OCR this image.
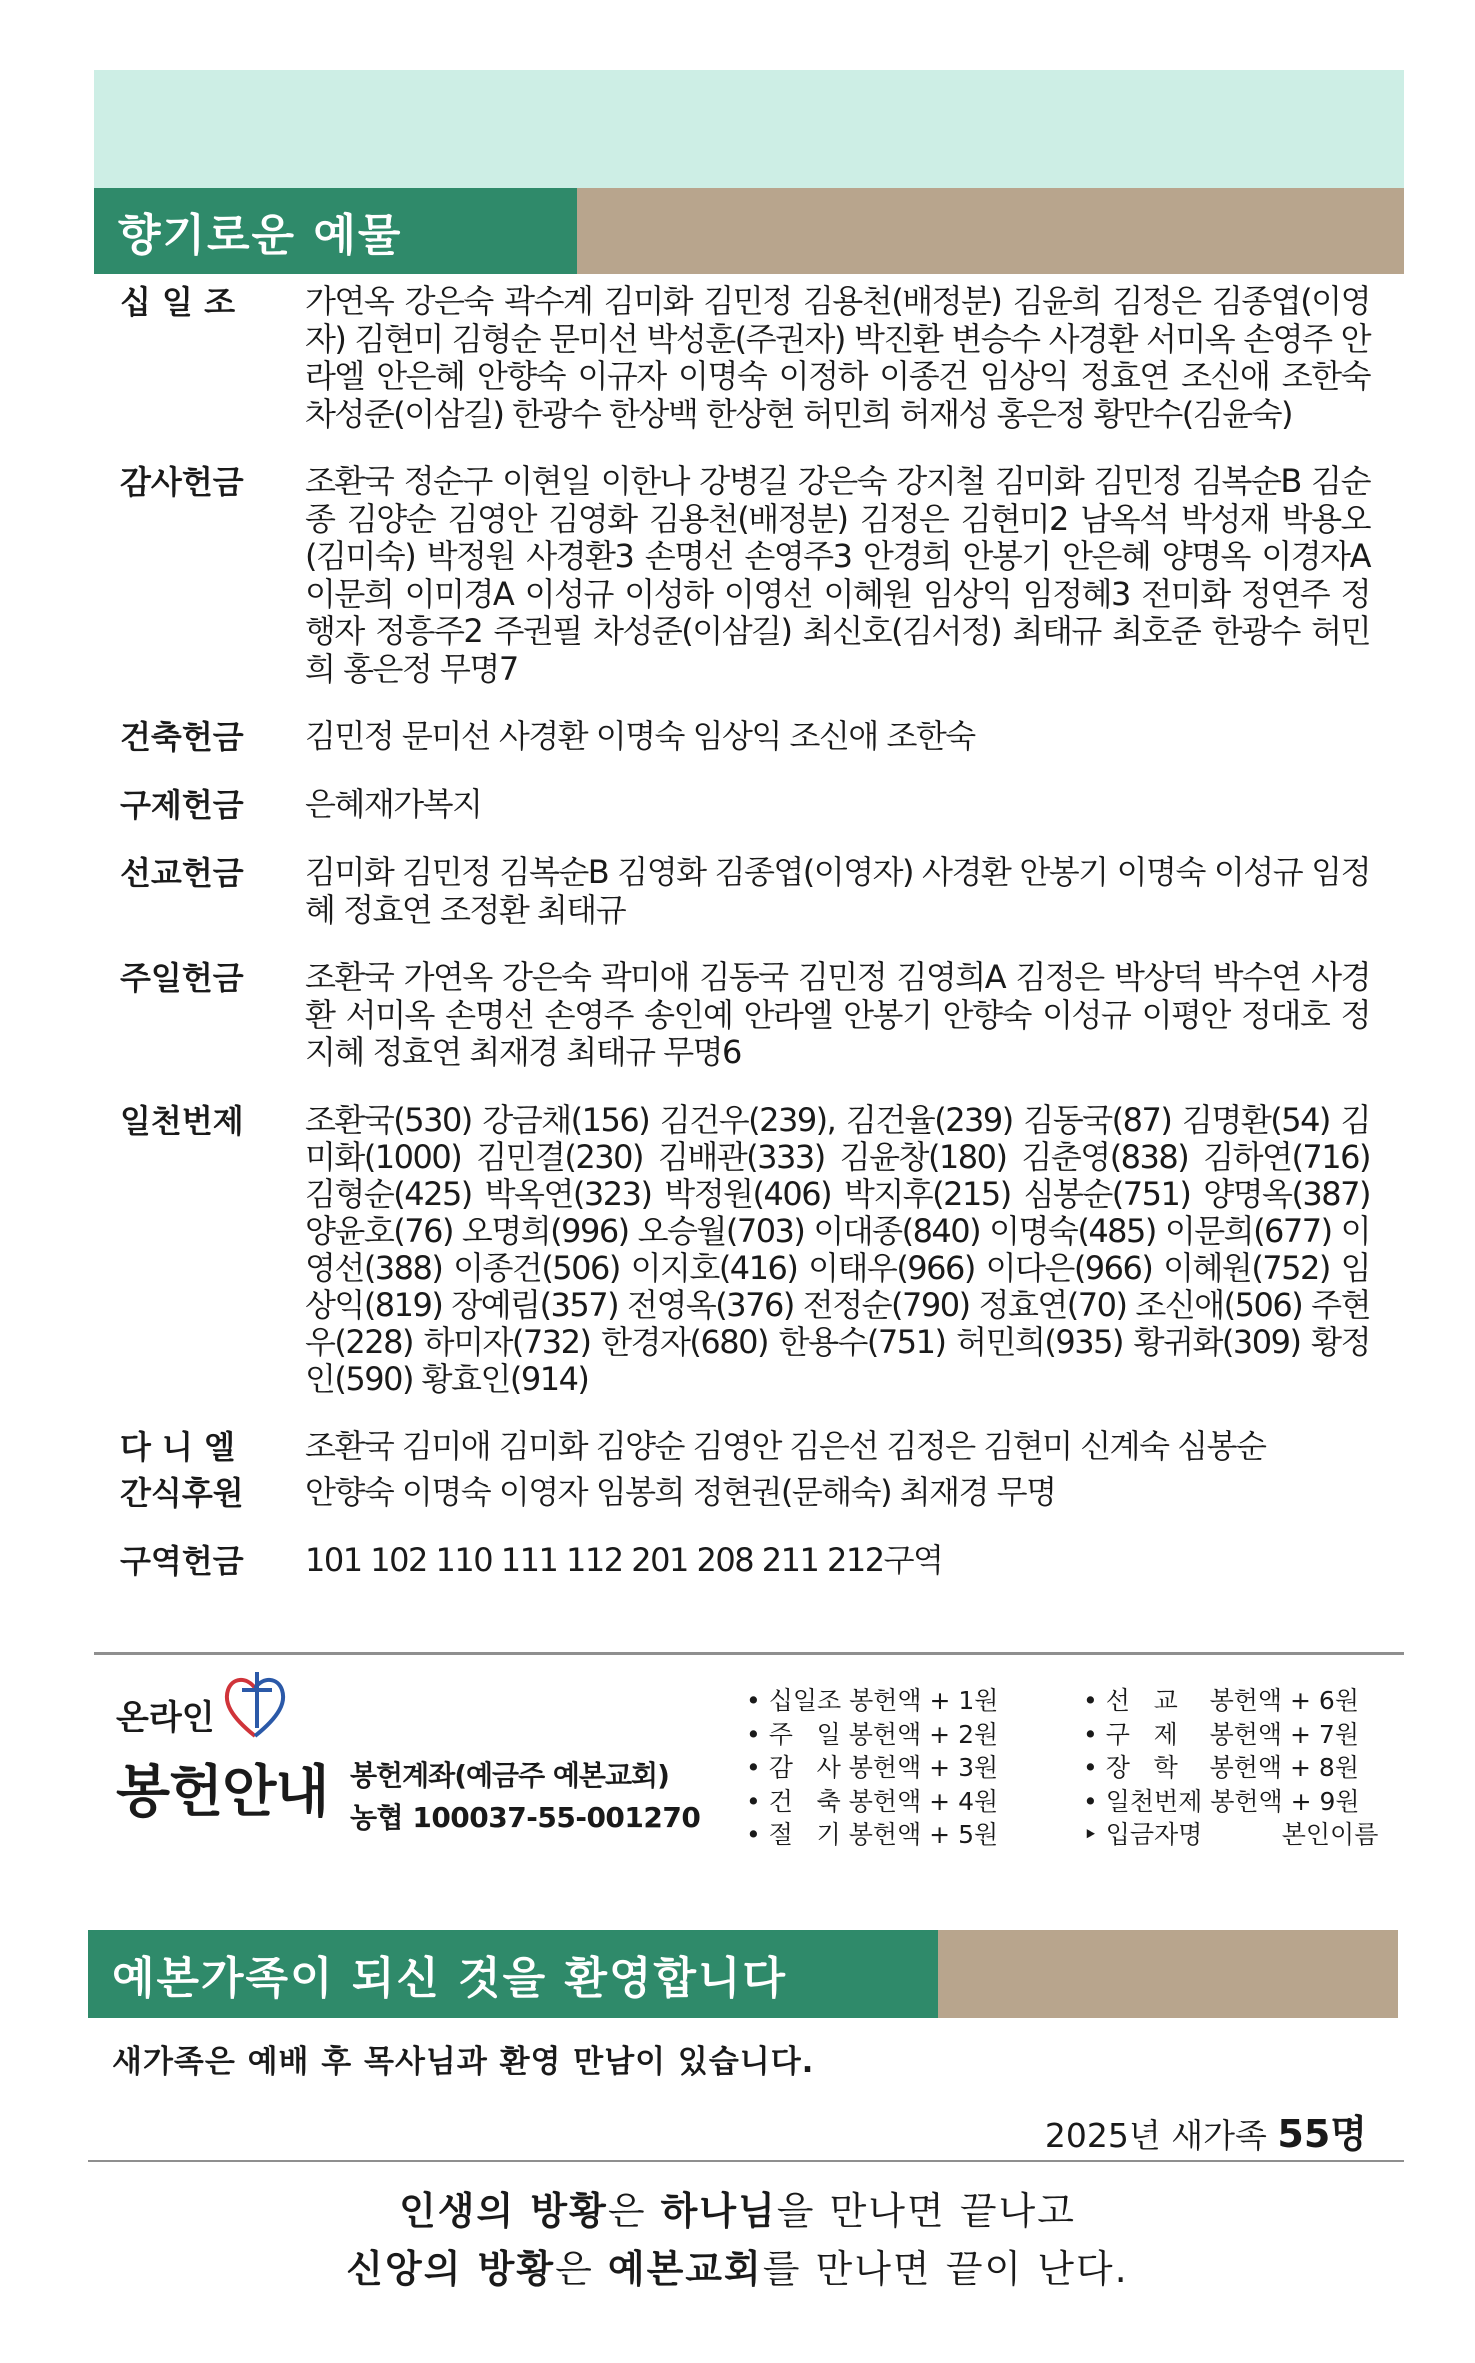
향기로운 예물
십 일 조	가연옥 강은숙 곽수계 김미화 김민정 김용천(배정분) 김윤희 김정은 김종엽(이영자) 김현미 김형순 문미선 박성훈(주권자) 박진환 변승수 사경환 서미옥 손영주 안라엘 안은혜 안향숙 이규자 이명숙 이정하 이종건 임상익 정효연 조신애 조한숙 차성준(이삼길) 한광수 한상백 한상현 허민희 허재성 홍은정 황만수(김윤숙)
감사헌금	조환국 정순구 이현일 이한나 강병길 강은숙 강지철 김미화 김민정 김복순B 김순종 김양순 김영안 김영화 김용천(배정분) 김정은 김현미2 남옥석 박성재 박용오(김미숙) 박정원 사경환3 손명선 손영주3 안경희 안봉기 안은혜 양명옥 이경자A 이문희 이미경A 이성규 이성하 이영선 이혜원 임상익 임정혜3 전미화 정연주 정행자 정흥주2 주권필 차성준(이삼길) 최신호(김서정) 최태규 최호준 한광수 허민희 홍은정 무명7
건축헌금	김민정 문미선 사경환 이명숙 임상익 조신애 조한숙
구제헌금	은혜재가복지
선교헌금	김미화 김민정 김복순B 김영화 김종엽(이영자) 사경환 안봉기 이명숙 이성규 임정혜 정효연 조정환 최태규
주일헌금	조환국 가연옥 강은숙 곽미애 김동국 김민정 김영희A 김정은 박상덕 박수연 사경환 서미옥 손명선 손영주 송인예 안라엘 안봉기 안향숙 이성규 이평안 정대호 정지혜 정효연 최재경 최태규 무명6
일천번제	조환국(530) 강금채(156) 김건우(239), 김건율(239) 김동국(87) 김명환(54) 김미화(1000) 김민결(230) 김배관(333) 김윤창(180) 김춘영(838) 김하연(716) 김형순(425) 박옥연(323) 박정원(406) 박지후(215) 심봉순(751) 양명옥(387) 양윤호(76) 오명희(996) 오승월(703) 이대종(840) 이명숙(485) 이문희(677) 이영선(388) 이종건(506) 이지호(416) 이태우(966) 이다은(966) 이혜원(752) 임상익(819) 장예림(357) 전영옥(376) 전정순(790) 정효연(70) 조신애(506) 주현우(228) 하미자(732) 한경자(680) 한용수(751) 허민희(935) 황귀화(309) 황정인(590) 황효인(914)
다 니 엘	조환국 김미애 김미화 김양순 김영안 김은선 김정은 김현미 신계숙 심봉순
간식후원	안향숙 이명숙 이영자 임봉희 정현권(문해숙) 최재경 무명
구역헌금	101 102 110 111 112 201 208 211 212구역
온라인
봉헌안내 봉헌계좌(예금주 예본교회)
농협 100037-55-001270
• 십일조 봉헌액 + 1원
• 주   일 봉헌액 + 2원
• 감   사 봉헌액 + 3원
• 건   축 봉헌액 + 4원
• 절   기 봉헌액 + 5원
• 선   교    봉헌액 + 6원
• 구   제    봉헌액 + 7원
• 장   학    봉헌액 + 8원
• 일천번제 봉헌액 + 9원
‣ 입금자명          본인이름
예본가족이 되신 것을 환영합니다
새가족은 예배 후 목사님과 환영 만남이 있습니다.
2025년 새가족 55명
인생의 방황은 하나님을 만나면 끝나고
신앙의 방황은 예본교회를 만나면 끝이 난다.
